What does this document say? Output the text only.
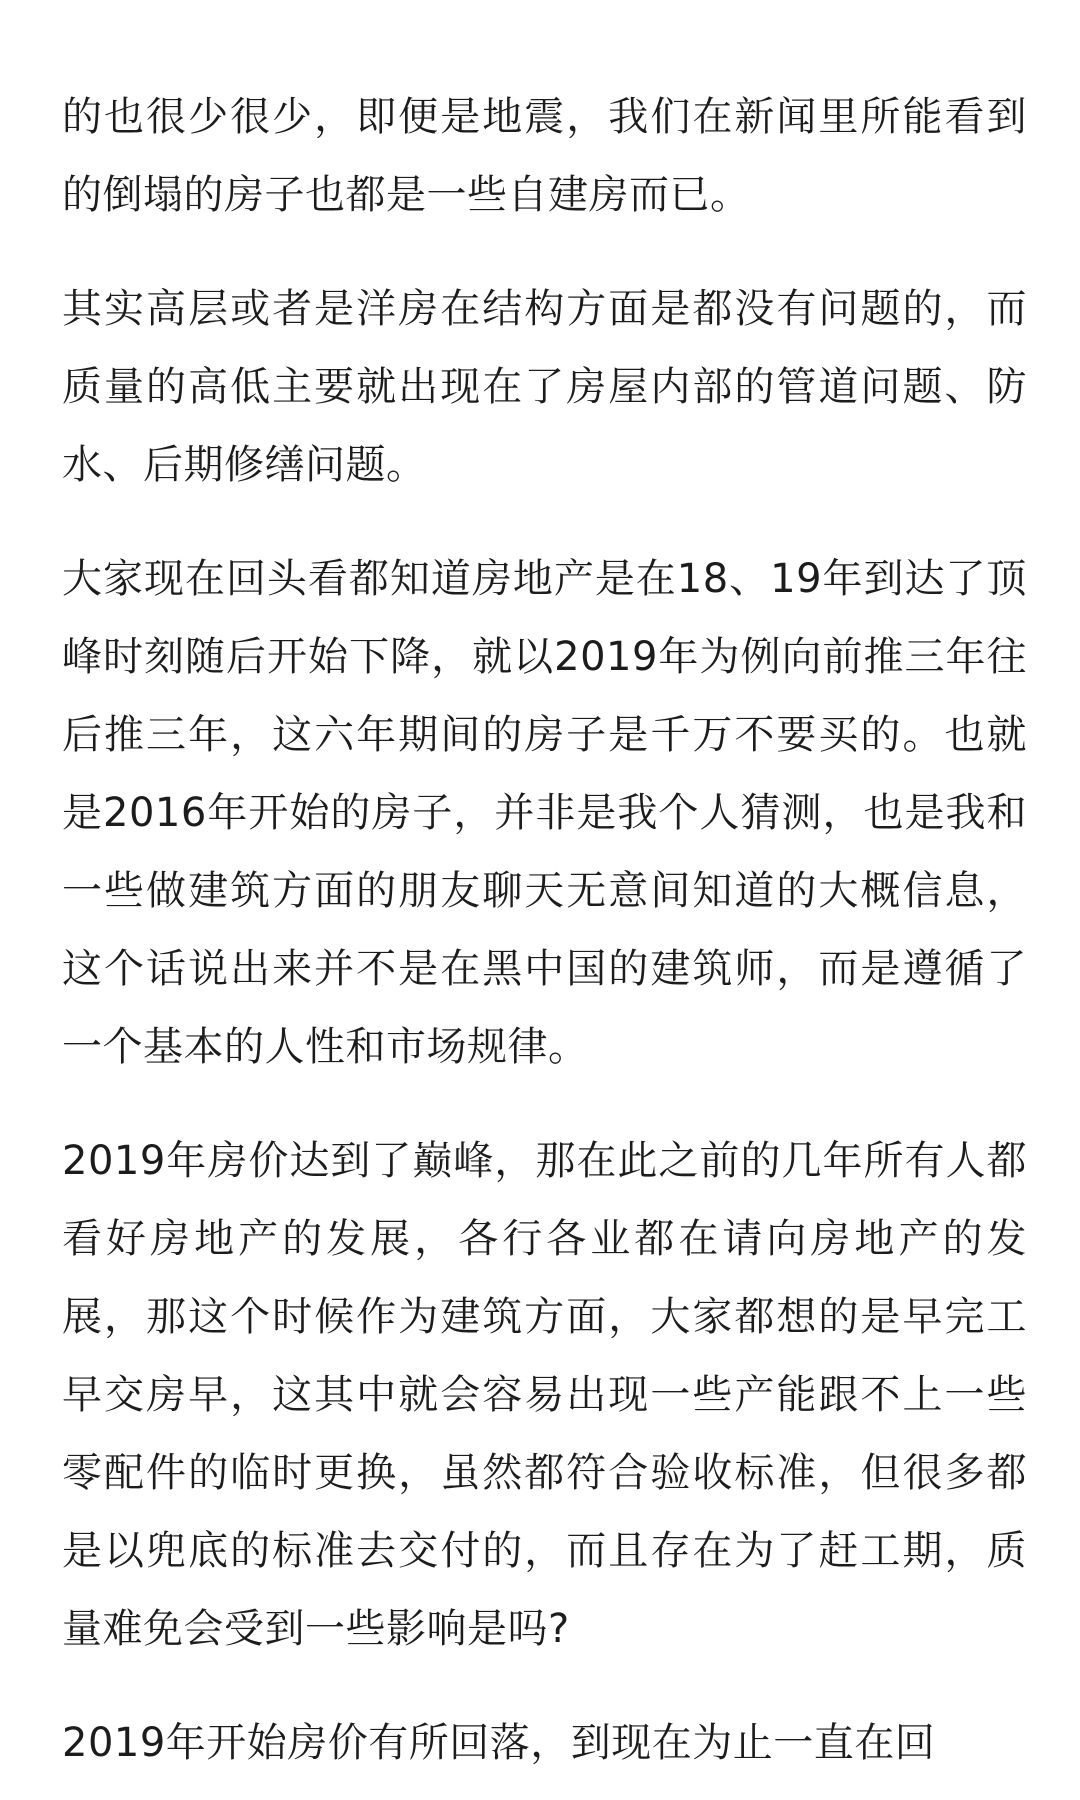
的也很少很少，即便是地震，我们在新闻里所能看到的倒塌的房子也都是一些自建房而已。

其实高层或者是洋房在结构方面是都没有问题的，而质量的高低主要就出现在了房屋内部的管道问题、防水、后期修缮问题。

大家现在回头看都知道房地产是在18、19年到达了顶峰时刻随后开始下降，就以2019年为例向前推三年往后推三年，这六年期间的房子是千万不要买的。也就是2016年开始的房子，并非是我个人猜测，也是我和一些做建筑方面的朋友聊天无意间知道的大概信息，这个话说出来并不是在黑中国的建筑师，而是遵循了一个基本的人性和市场规律。

2019年房价达到了巅峰，那在此之前的几年所有人都看好房地产的发展，各行各业都在请向房地产的发展，那这个时候作为建筑方面，大家都想的是早完工早交房早，这其中就会容易出现一些产能跟不上一些零配件的临时更换，虽然都符合验收标准，但很多都是以兜底的标准去交付的，而且存在为了赶工期，质量难免会受到一些影响是吗?

2019年开始房价有所回落，到现在为止一直在回
